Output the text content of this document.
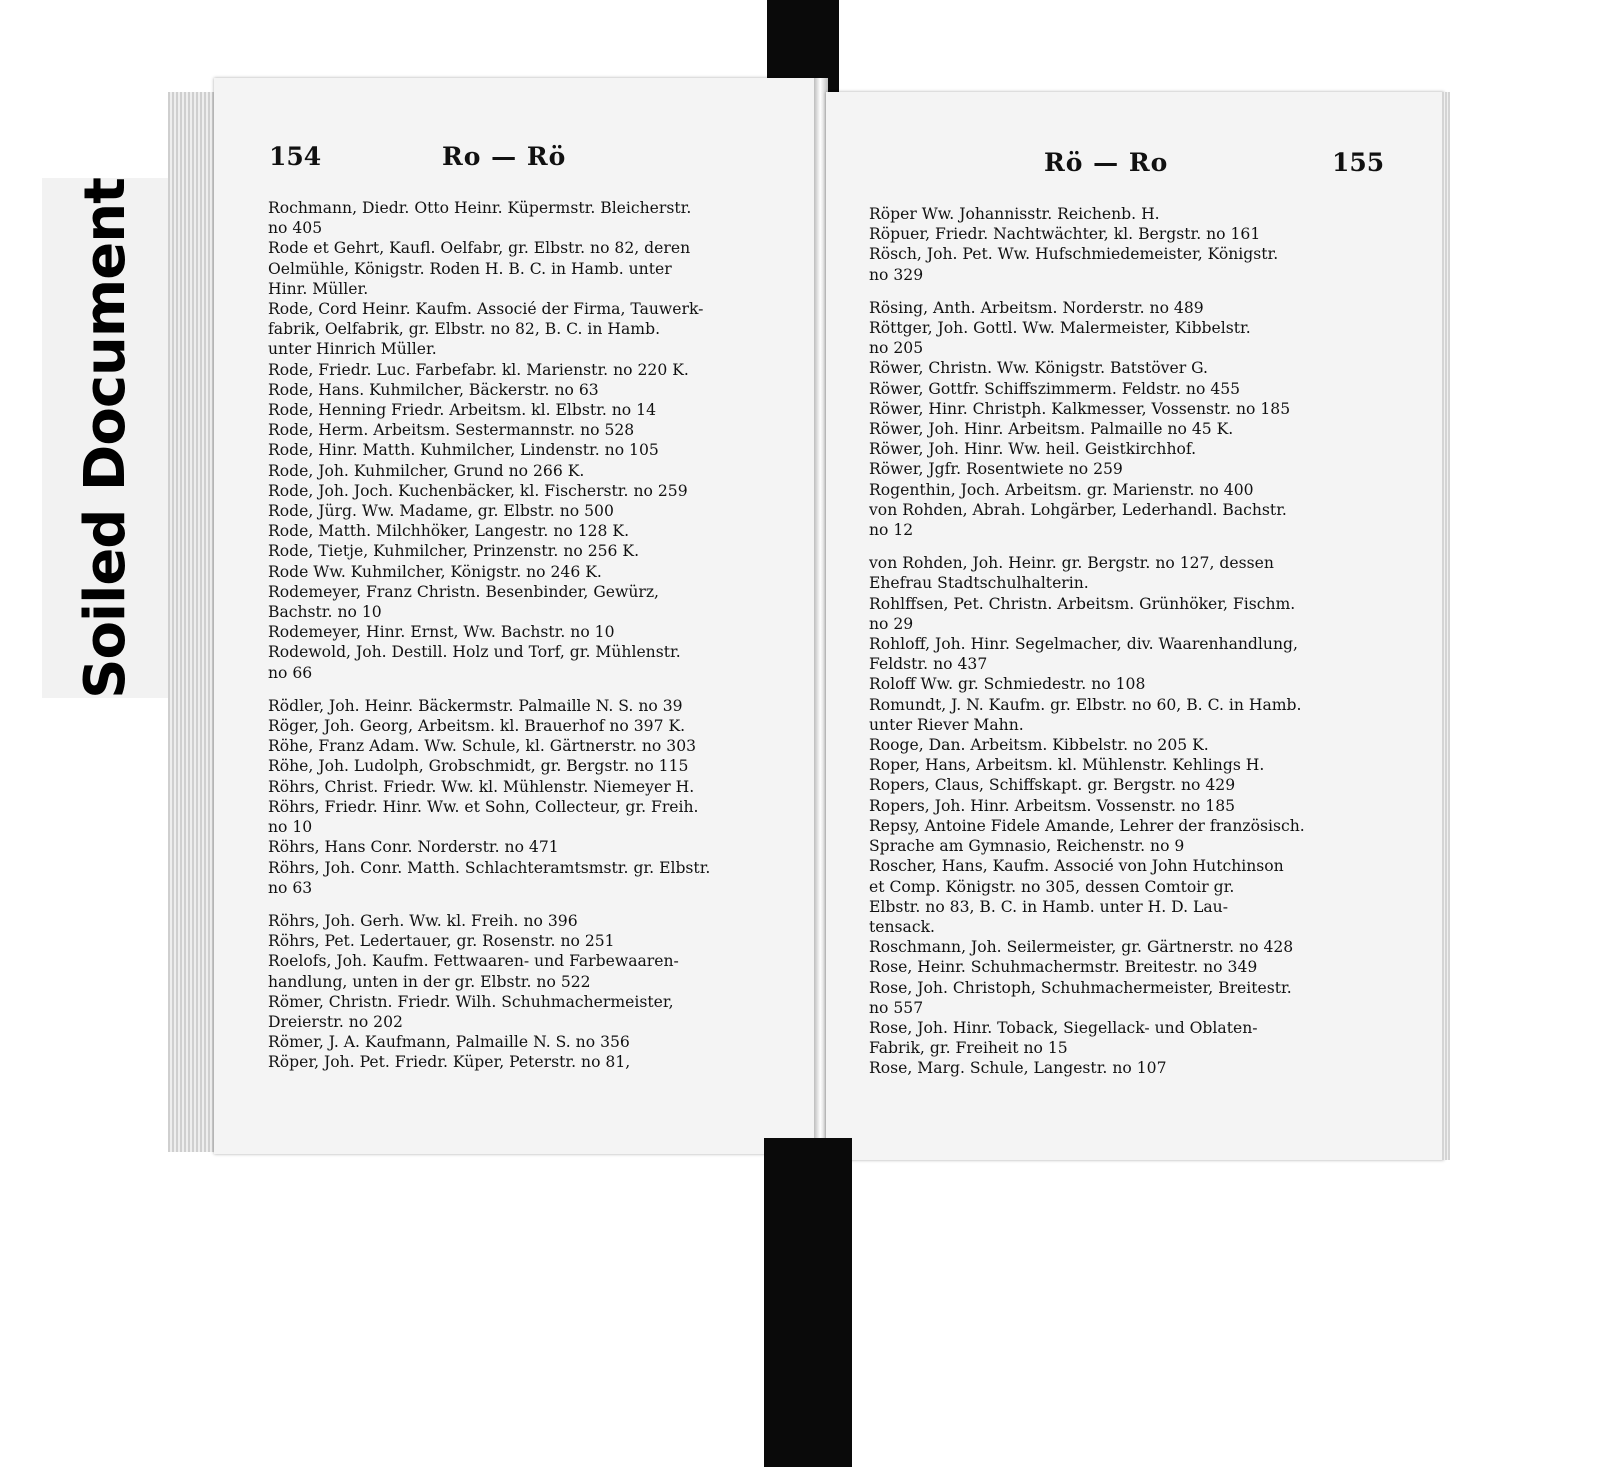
Soiled Document
154	Ro — Rö
Rochmann, Diedr. Otto Heinr. Küpermstr. Bleicherstr.
no 405
Rode et Gehrt, Kaufl. Oelfabr, gr. Elbstr. no 82, deren
Oelmühle, Königstr. Roden H. B. C. in Hamb. unter
Hinr. Müller.
Rode, Cord Heinr. Kaufm. Associé der Firma, Tauwerk-
fabrik, Oelfabrik, gr. Elbstr. no 82, B. C. in Hamb.
unter Hinrich Müller.
Rode, Friedr. Luc. Farbefabr. kl. Marienstr. no 220 K.
Rode, Hans. Kuhmilcher, Bäckerstr. no 63
Rode, Henning Friedr. Arbeitsm. kl. Elbstr. no 14
Rode, Herm. Arbeitsm. Sestermannstr. no 528
Rode, Hinr. Matth. Kuhmilcher, Lindenstr. no 105
Rode, Joh. Kuhmilcher, Grund no 266 K.
Rode, Joh. Joch. Kuchenbäcker, kl. Fischerstr. no 259
Rode, Jürg. Ww. Madame, gr. Elbstr. no 500
Rode, Matth. Milchhöker, Langestr. no 128 K.
Rode, Tietje, Kuhmilcher, Prinzenstr. no 256 K.
Rode Ww. Kuhmilcher, Königstr. no 246 K.
Rodemeyer, Franz Christn. Besenbinder, Gewürz,
Bachstr. no 10
Rodemeyer, Hinr. Ernst, Ww. Bachstr. no 10
Rodewold, Joh. Destill. Holz und Torf, gr. Mühlenstr.
no 66
Rödler, Joh. Heinr. Bäckermstr. Palmaille N. S. no 39
Röger, Joh. Georg, Arbeitsm. kl. Brauerhof no 397 K.
Röhe, Franz Adam. Ww. Schule, kl. Gärtnerstr. no 303
Röhe, Joh. Ludolph, Grobschmidt, gr. Bergstr. no 115
Röhrs, Christ. Friedr. Ww. kl. Mühlenstr. Niemeyer H.
Röhrs, Friedr. Hinr. Ww. et Sohn, Collecteur, gr. Freih.
no 10
Röhrs, Hans Conr. Norderstr. no 471
Röhrs, Joh. Conr. Matth. Schlachteramtsmstr. gr. Elbstr.
no 63
Röhrs, Joh. Gerh. Ww. kl. Freih. no 396
Röhrs, Pet. Ledertauer, gr. Rosenstr. no 251
Roelofs, Joh. Kaufm. Fettwaaren- und Farbewaaren-
handlung, unten in der gr. Elbstr. no 522
Römer, Christn. Friedr. Wilh. Schuhmachermeister,
Dreierstr. no 202
Römer, J. A. Kaufmann, Palmaille N. S. no 356
Röper, Joh. Pet. Friedr. Küper, Peterstr. no 81,
Rö — Ro	155
Röper Ww. Johannisstr. Reichenb. H.
Röpuer, Friedr. Nachtwächter, kl. Bergstr. no 161
Rösch, Joh. Pet. Ww. Hufschmiedemeister, Königstr.
no 329
Rösing, Anth. Arbeitsm. Norderstr. no 489
Röttger, Joh. Gottl. Ww. Malermeister, Kibbelstr.
no 205
Röwer, Christn. Ww. Königstr. Batstöver G.
Röwer, Gottfr. Schiffszimmerm. Feldstr. no 455
Röwer, Hinr. Christph. Kalkmesser, Vossenstr. no 185
Röwer, Joh. Hinr. Arbeitsm. Palmaille no 45 K.
Röwer, Joh. Hinr. Ww. heil. Geistkirchhof.
Röwer, Jgfr. Rosentwiete no 259
Rogenthin, Joch. Arbeitsm. gr. Marienstr. no 400
von Rohden, Abrah. Lohgärber, Lederhandl. Bachstr.
no 12
von Rohden, Joh. Heinr. gr. Bergstr. no 127, dessen
Ehefrau Stadtschulhalterin.
Rohlffsen, Pet. Christn. Arbeitsm. Grünhöker, Fischm.
no 29
Rohloff, Joh. Hinr. Segelmacher, div. Waarenhandlung,
Feldstr. no 437
Roloff Ww. gr. Schmiedestr. no 108
Romundt, J. N. Kaufm. gr. Elbstr. no 60, B. C. in Hamb.
unter Riever Mahn.
Rooge, Dan. Arbeitsm. Kibbelstr. no 205 K.
Roper, Hans, Arbeitsm. kl. Mühlenstr. Kehlings H.
Ropers, Claus, Schiffskapt. gr. Bergstr. no 429
Ropers, Joh. Hinr. Arbeitsm. Vossenstr. no 185
Repsy, Antoine Fidele Amande, Lehrer der französisch.
Sprache am Gymnasio, Reichenstr. no 9
Roscher, Hans, Kaufm. Associé von John Hutchinson
et Comp. Königstr. no 305, dessen Comtoir gr.
Elbstr. no 83, B. C. in Hamb. unter H. D. Lau-
tensack.
Roschmann, Joh. Seilermeister, gr. Gärtnerstr. no 428
Rose, Heinr. Schuhmachermstr. Breitestr. no 349
Rose, Joh. Christoph, Schuhmachermeister, Breitestr.
no 557
Rose, Joh. Hinr. Toback, Siegellack- und Oblaten-
Fabrik, gr. Freiheit no 15
Rose, Marg. Schule, Langestr. no 107
